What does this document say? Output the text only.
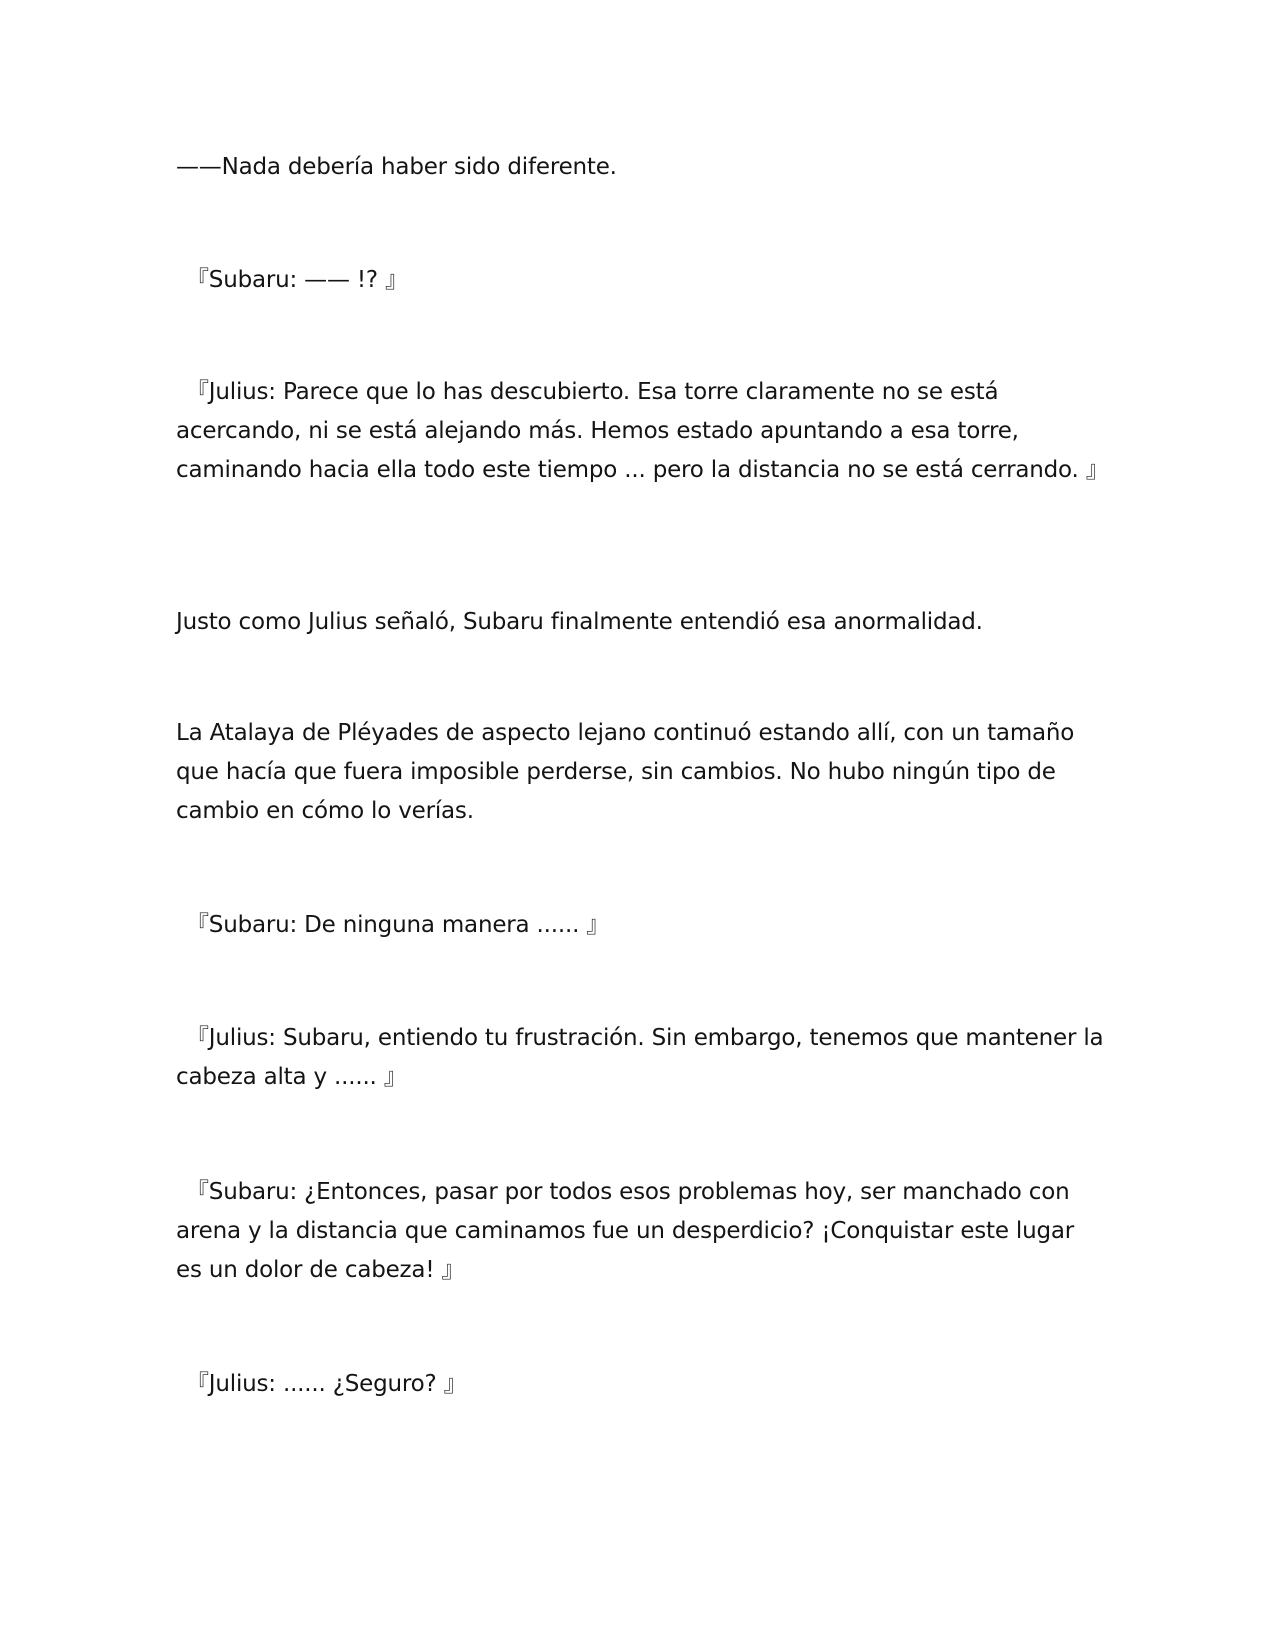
——Nada debería haber sido diferente.

『Subaru: —— !? 』

『Julius: Parece que lo has descubierto. Esa torre claramente no se está acercando, ni se está alejando más. Hemos estado apuntando a esa torre, caminando hacia ella todo este tiempo ... pero la distancia no se está cerrando. 』

Justo como Julius señaló, Subaru finalmente entendió esa anormalidad.

La Atalaya de Pléyades de aspecto lejano continuó estando allí, con un tamaño que hacía que fuera imposible perderse, sin cambios. No hubo ningún tipo de cambio en cómo lo verías.

『Subaru: De ninguna manera ...... 』

『Julius: Subaru, entiendo tu frustración. Sin embargo, tenemos que mantener la cabeza alta y ...... 』

『Subaru: ¿Entonces, pasar por todos esos problemas hoy, ser manchado con arena y la distancia que caminamos fue un desperdicio? ¡Conquistar este lugar es un dolor de cabeza! 』

『Julius: ...... ¿Seguro? 』
